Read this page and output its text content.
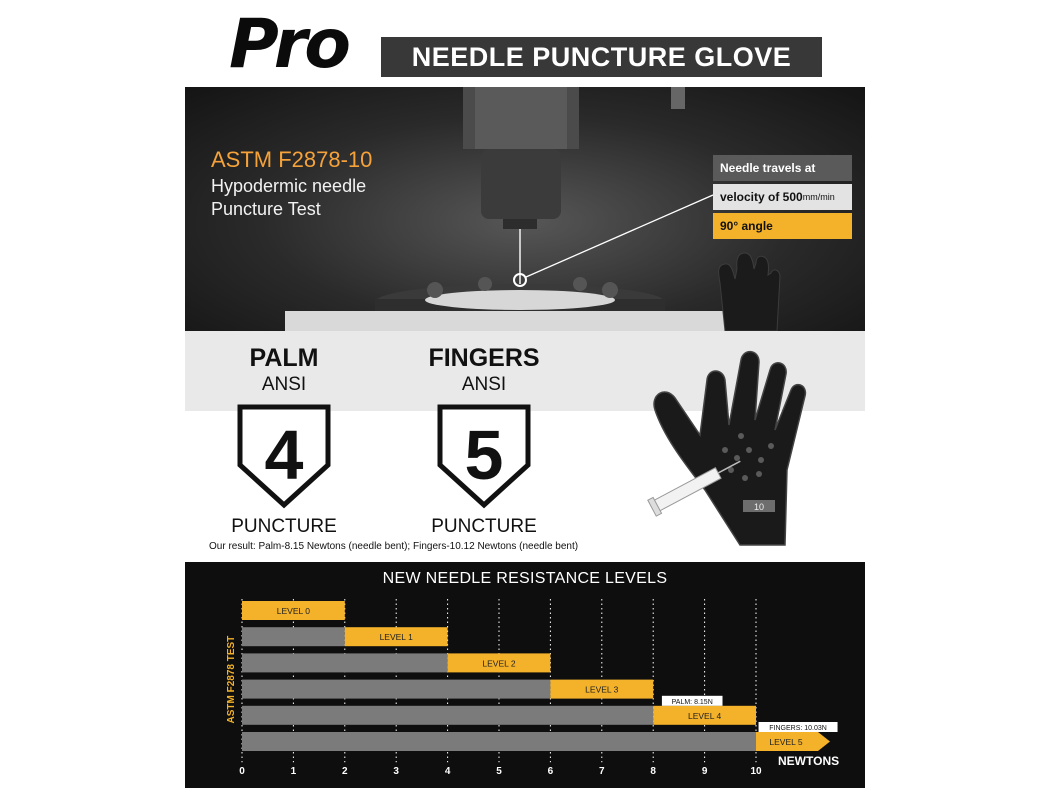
Pro	NEEDLE PUNCTURE GLOVE
ASTM F2878-10
Hypodermic needle
Puncture Test
Needle travels at
velocity of 500 mm/min
90° angle
PALM
ANSI
4
PUNCTURE
FINGERS
ANSI
5
PUNCTURE
10
Our result: Palm-8.15 Newtons (needle bent); Fingers-10.12 Newtons (needle bent)
NEW NEEDLE RESISTANCE LEVELS
LEVEL 0
LEVEL 1
LEVEL 2
LEVEL 3
LEVEL 4
LEVEL 5
PALM: 8.15N
FINGERS: 10.03N
0	1	2	3	4	5	6	7	8	9	10
NEWTONS
ASTM F2878 TEST
